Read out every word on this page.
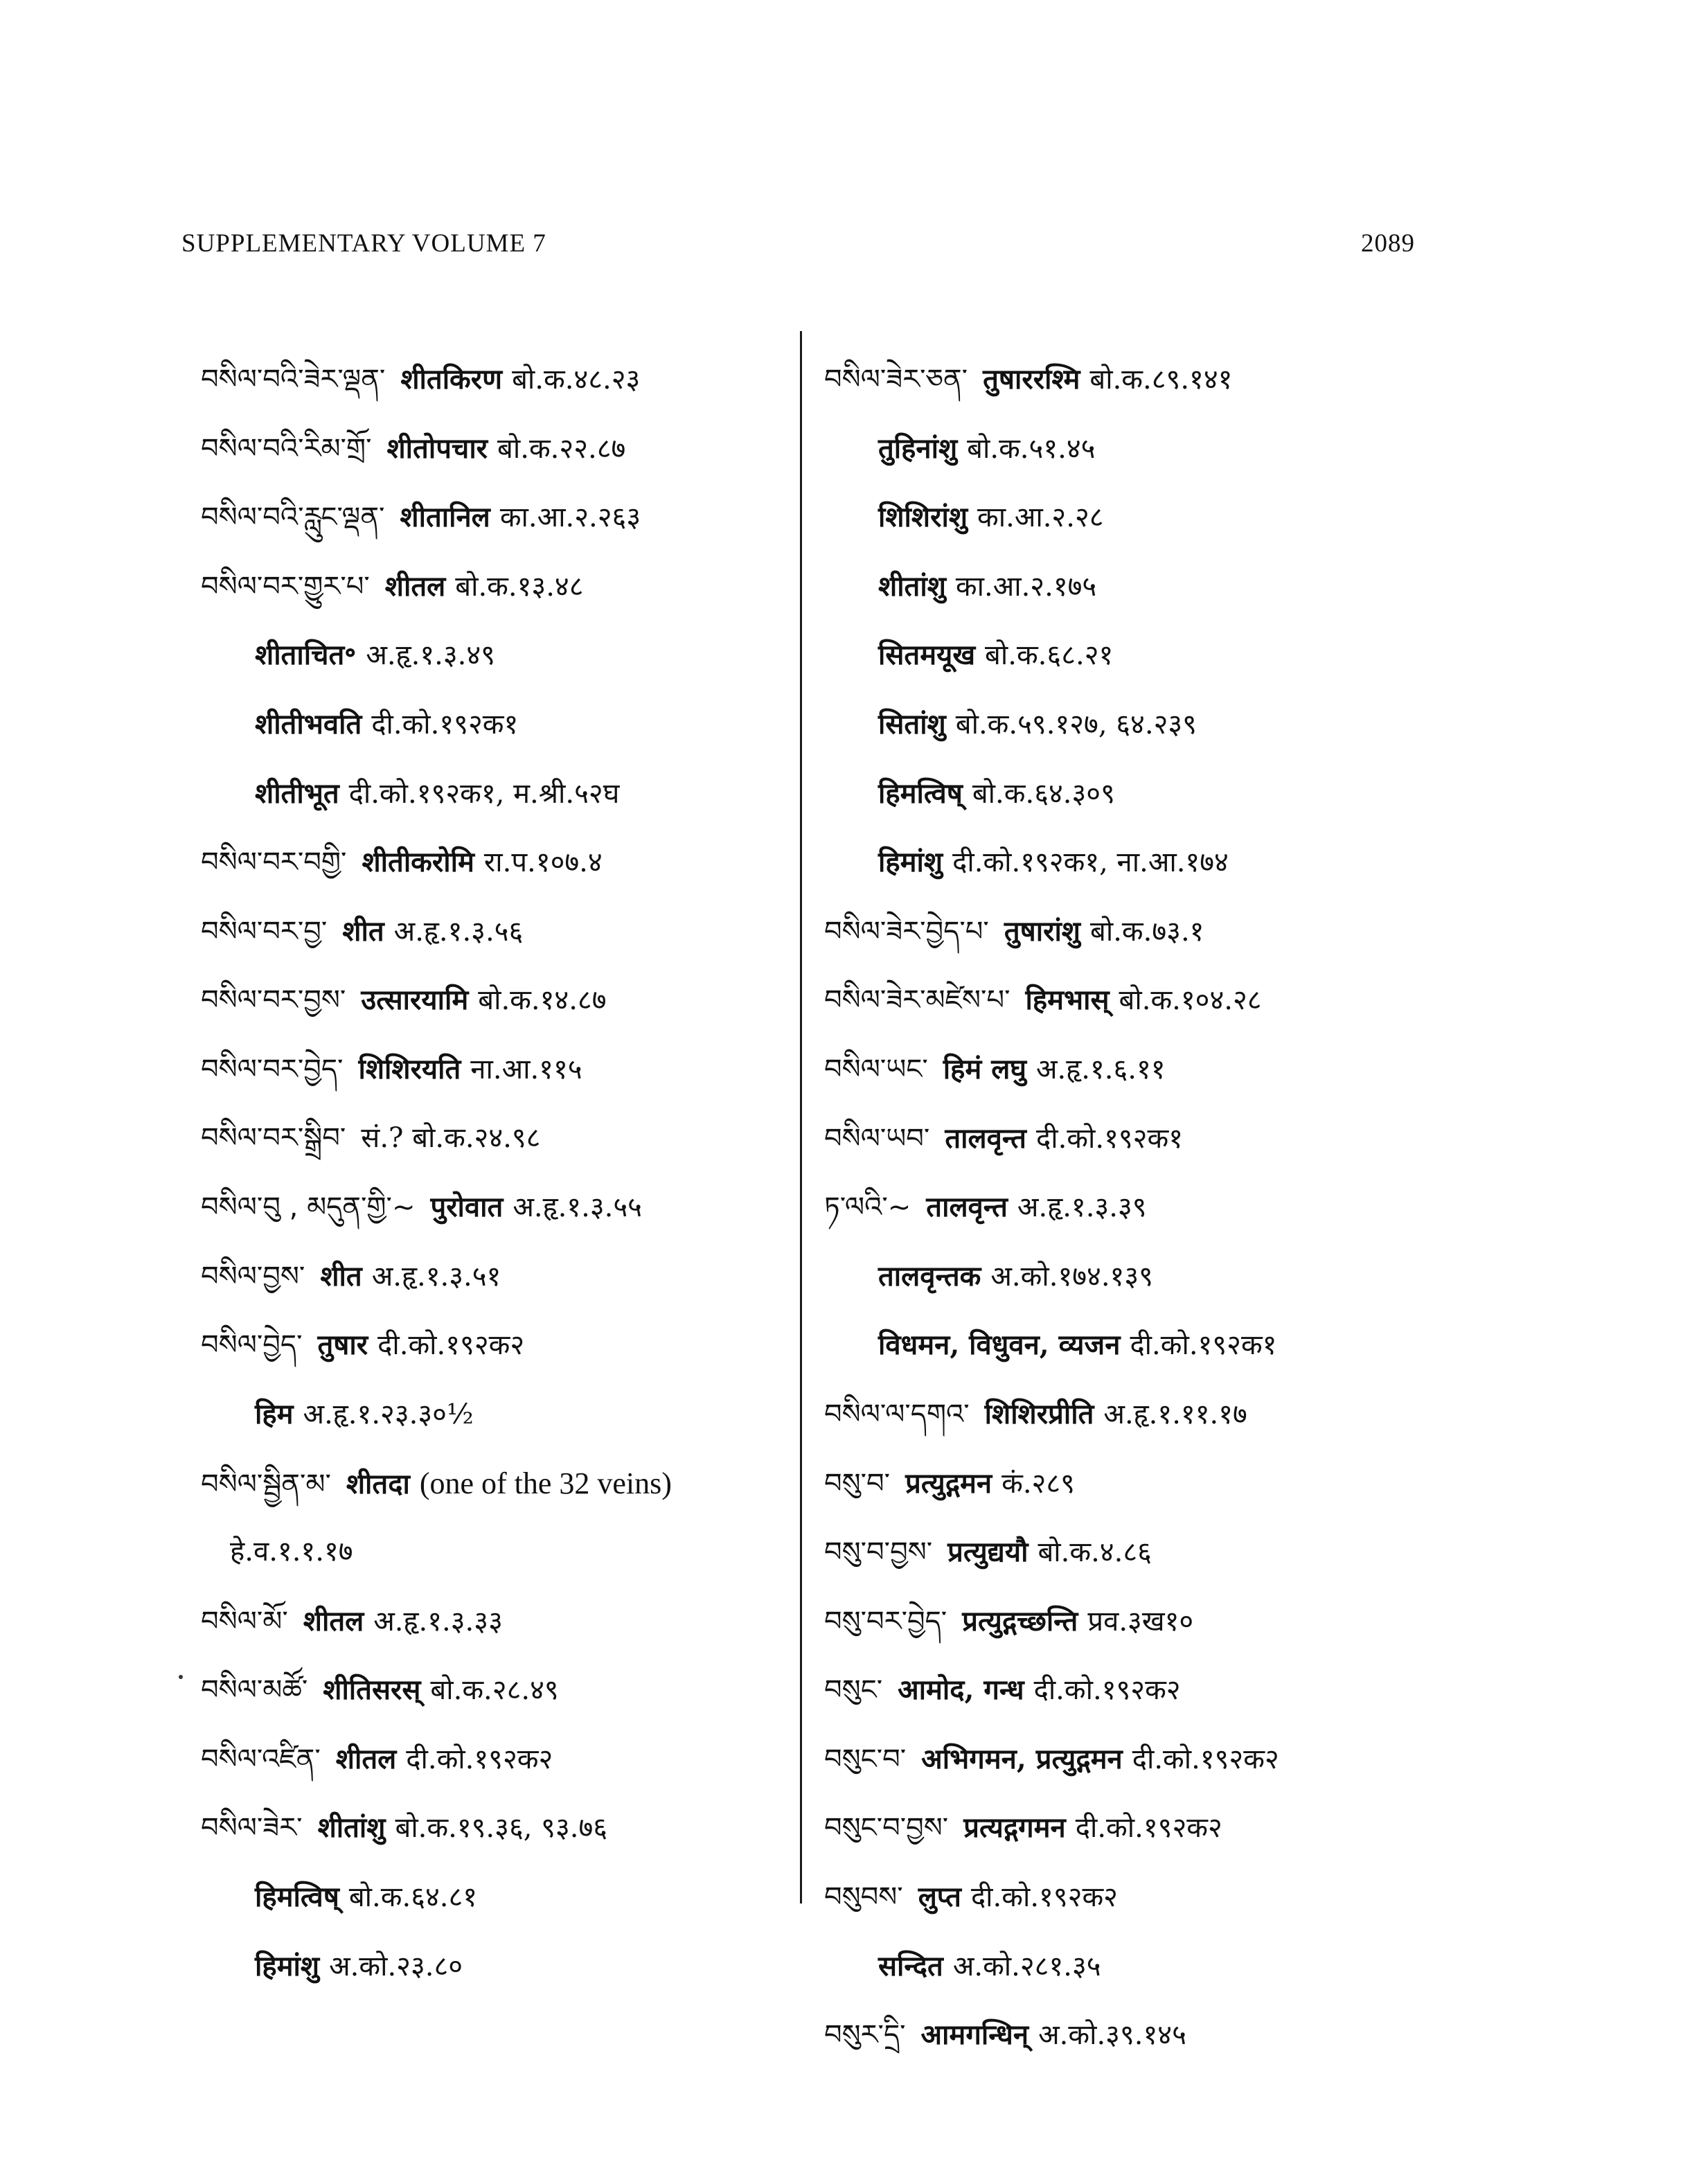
SUPPLEMENTARY VOLUME 7	2089
བསིལ་བའི་ཟེར་ལྡན་ शीतकिरण बो.क.४८.२३
བསིལ་བའི་རིམ་གྲོ་ शीतोपचार बो.क.२२.८७
བསིལ་བའི་རླུང་ལྡན་ शीतानिल का.आ.२.२६३
བསིལ་བར་གྱུར་པ་ शीतल बो.क.१३.४८
शीताचित॰ अ.हृ.१.३.४९
शीतीभवति दी.को.१९२क१
शीतीभूत दी.को.१९२क१, म.श्री.५२घ
བསིལ་བར་བགྱི་ शीतीकरोमि रा.प.१०७.४
བསིལ་བར་བྱ་ शीत अ.हृ.१.३.५६
བསིལ་བར་བྱས་ उत्सारयामि बो.क.१४.८७
བསིལ་བར་བྱེད་ शिशिरयति ना.आ.११५
བསིལ་བར་སྒྲིབ་ सं.? बो.क.२४.९८
བསིལ་བུ , མདུན་གྱི་~ पुरोवात अ.हृ.१.३.५५
བསིལ་བྱས་ शीत अ.हृ.१.३.५१
བསིལ་བྱེད་ तुषार दी.को.१९२क२
हिम अ.हृ.१.२३.३०½
བསིལ་སྦྱིན་མ་ शीतदा (one of the 32 veins)
हे.व.१.१.१७
བསིལ་མོ་ शीतल अ.हृ.१.३.३३
བསིལ་མཚོ་ शीतिसरस् बो.क.२८.४९
བསིལ་འཛིན་ शीतल दी.को.१९२क२
བསིལ་ཟེར་ शीतांशु बो.क.१९.३६, ९३.७६
हिमत्विष् बो.क.६४.८१
हिमांशु अ.को.२३.८०
བསིལ་ཟེར་ཅན་ तुषाररश्मि बो.क.८९.१४१
तुहिनांशु बो.क.५१.४५
शिशिरांशु का.आ.२.२८
शीतांशु का.आ.२.१७५
सितमयूख बो.क.६८.२१
सितांशु बो.क.५९.१२७, ६४.२३९
हिमत्विष् बो.क.६४.३०९
हिमांशु दी.को.१९२क१, ना.आ.१७४
བསིལ་ཟེར་བྱེད་པ་ तुषारांशु बो.क.७३.१
བསིལ་ཟེར་མཛེས་པ་ हिमभास् बो.क.१०४.२८
བསིལ་ཡང་ हिमं लघु अ.हृ.१.६.११
བསིལ་ཡབ་ तालवृन्त दी.को.१९२क१
ཏ་ལའི་~ तालवृन्त अ.हृ.१.३.३९
तालवृन्तक अ.को.१७४.१३९
विधमन, विधुवन, व्यजन दी.को.१९२क१
བསིལ་ལ་དགའ་ शिशिरप्रीति अ.हृ.१.११.१७
བསུ་བ་ प्रत्युद्गमन कं.२८९
བསུ་བ་བྱས་ प्रत्युद्ययौ बो.क.४.८६
བསུ་བར་བྱེད་ प्रत्युद्गच्छन्ति प्रव.३ख१०
བསུང་ आमोद, गन्ध दी.को.१९२क२
བསུང་བ་ अभिगमन, प्रत्युद्गमन दी.को.१९२क२
བསུང་བ་བྱས་ प्रत्यद्गगमन दी.को.१९२क२
བསུབས་ लुप्त दी.को.१९२क२
सन्दित अ.को.२८१.३५
བསུར་དྲི་ आमगन्धिन् अ.को.३९.१४५
